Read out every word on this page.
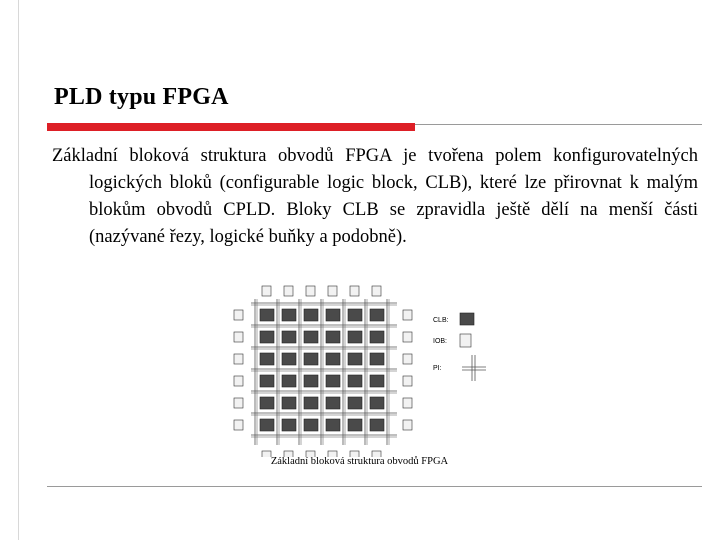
PLD typu FPGA
Základní bloková struktura obvodů FPGA je tvořena polem konfigurovatelných logických bloků (configurable logic block, CLB), které lze přirovnat k malým blokům obvodů CPLD. Bloky CLB se zpravidla ještě dělí na menší části (nazývané řezy, logické buňky a podobně).
CLB:
IOB:
PI:
Základní bloková struktura obvodů FPGA
